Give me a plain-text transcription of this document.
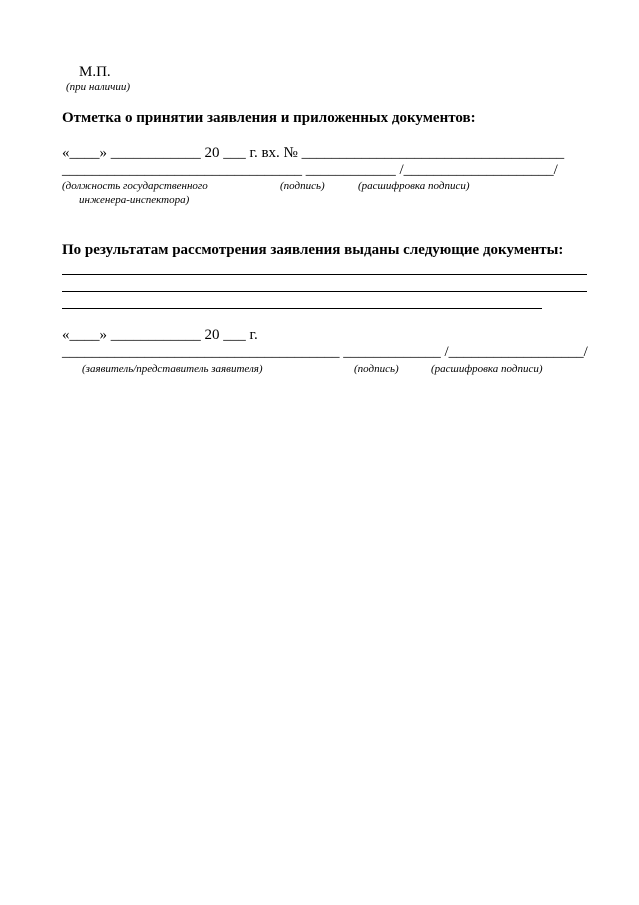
М.П.
(при наличии)
Отметка о принятии заявления и приложенных документов:
«____» ____________ 20 ___ г. вх. № ___________________________________
________________________________ ____________ /____________________/
(должность государственного
инженера-инспектора)
(подпись)	(расшифровка подписи)
По результатам рассмотрения заявления выданы следующие документы:
«____» ____________ 20 ___ г.
_____________________________________ _____________ /__________________/
(заявитель/представитель заявителя)	(подпись)	(расшифровка подписи)
